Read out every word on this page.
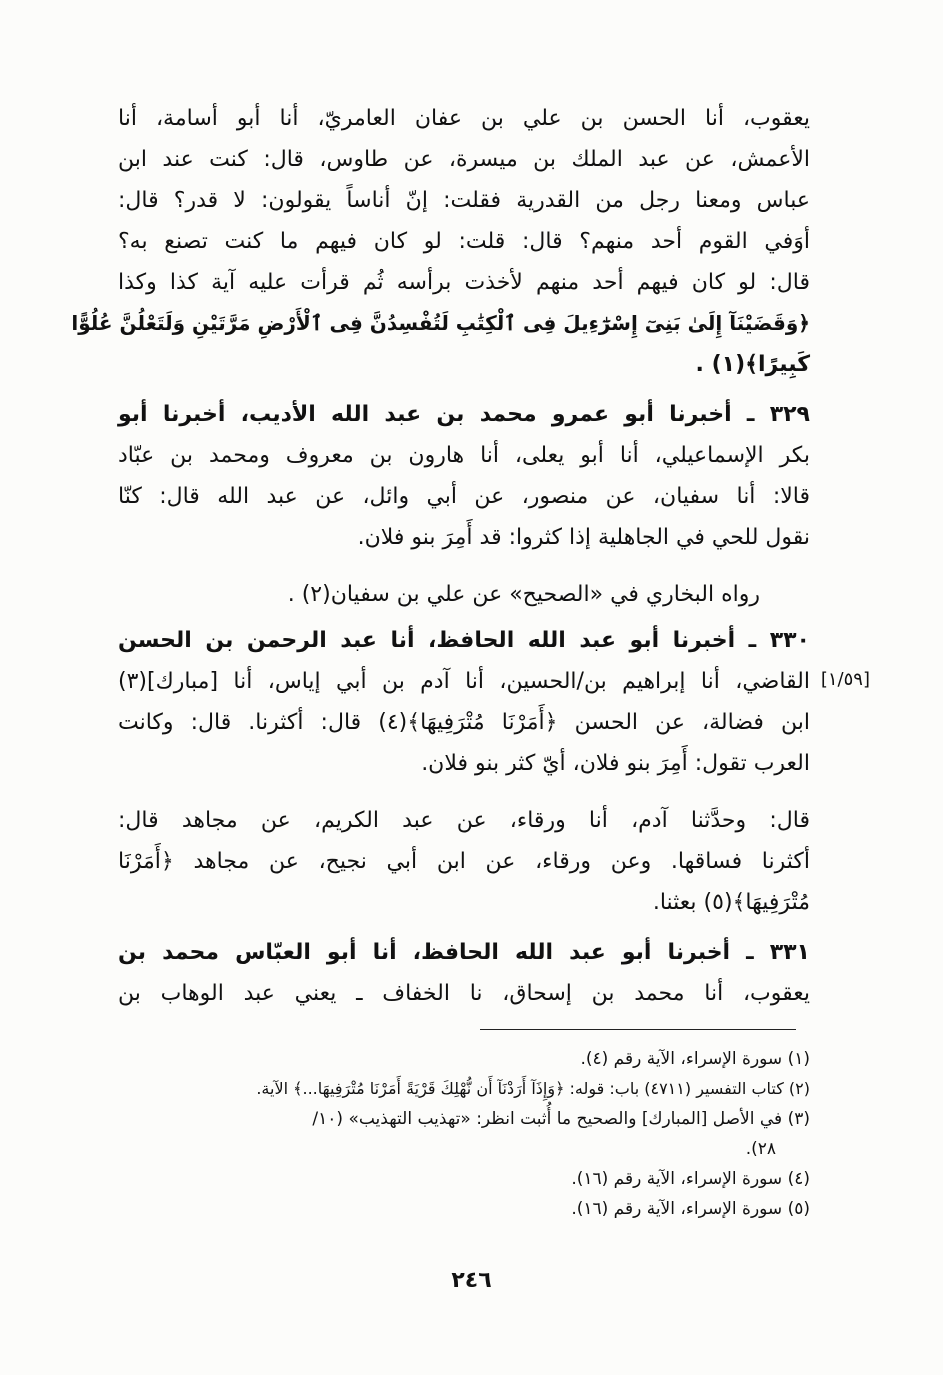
يعقوب، أنا الحسن بن علي بن عفان العامريّ، أنا أبو أسامة، أنا
الأعمش، عن عبد الملك بن ميسرة، عن طاوس، قال: كنت عند ابن
عباس ومعنا رجل من القدرية فقلت: إنّ أناساً يقولون: لا قدر؟ قال:
أوَفي القوم أحد منهم؟ قال: قلت: لو كان فيهم ما كنت تصنع به؟
قال: لو كان فيهم أحد منهم لأخذت برأسه ثُم قرأت عليه آية كذا وكذا
﴿وَقَضَيْنَآ إِلَىٰ بَنِىٓ إِسْرَٰٓءِيلَ فِى ٱلْكِتَٰبِ لَتُفْسِدُنَّ فِى ٱلْأَرْضِ مَرَّتَيْنِ وَلَتَعْلُنَّ عُلُوًّا
كَبِيرًا﴾(١) .
٣٢٩ ـ أخبرنا أبو عمرو محمد بن عبد الله الأديب، أخبرنا أبو
بكر الإسماعيلي، أنا أبو يعلى، أنا هارون بن معروف ومحمد بن عبّاد
قالا: أنا سفيان، عن منصور، عن أبي وائل، عن عبد الله قال: كنّا
نقول للحي في الجاهلية إذا كثروا: قد أَمِرَ بنو فلان.
رواه البخاري في «الصحيح» عن علي بن سفيان(٢) .
٣٣٠ ـ أخبرنا أبو عبد الله الحافظ، أنا عبد الرحمن بن الحسن
القاضي، أنا إبراهيم بن/الحسين، أنا آدم بن أبي إياس، أنا [مبارك](٣)
ابن فضالة، عن الحسن ﴿أَمَرْنَا مُتْرَفِيهَا﴾(٤) قال: أكثرنا. قال: وكانت
العرب تقول: أَمِرَ بنو فلان، أيّ كثر بنو فلان.
[١/٥٩]
قال: وحدَّثنا آدم، أنا ورقاء، عن عبد الكريم، عن مجاهد قال:
أكثرنا فساقها. وعن ورقاء، عن ابن أبي نجيح، عن مجاهد ﴿أَمَرْنَا
مُتْرَفِيهَا﴾(٥) بعثنا.
٣٣١ ـ أخبرنا أبو عبد الله الحافظ، أنا أبو العبّاس محمد بن
يعقوب، أنا محمد بن إسحاق، نا الخفاف ـ يعني عبد الوهاب بن
(١) سورة الإسراء، الآية رقم (٤).
(٢) كتاب التفسير (٤٧١١) باب: قوله: ﴿وَإِذَآ أَرَدْنَآ أَن نُّهْلِكَ قَرْيَةً أَمَرْنَا مُتْرَفِيهَا...﴾ الآية.
(٣) في الأصل [المبارك] والصحيح ما أُثبت انظر: «تهذيب التهذيب» (١٠/
٢٨).
(٤) سورة الإسراء، الآية رقم (١٦).
(٥) سورة الإسراء، الآية رقم (١٦).
٢٤٦
